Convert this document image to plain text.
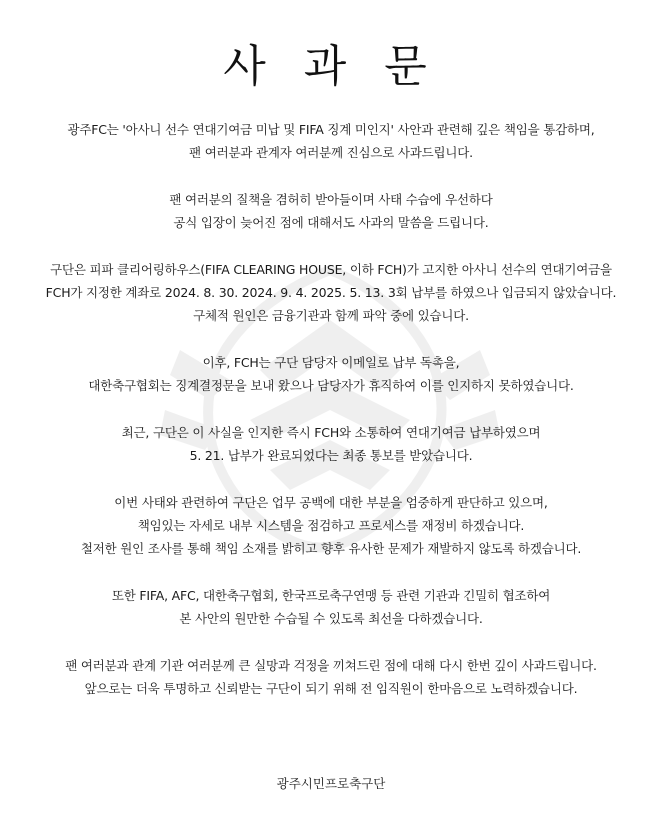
사 과 문

광주FC는 '아사니 선수 연대기여금 미납 및 FIFA 징계 미인지' 사안과 관련해 깊은 책임을 통감하며,
팬 여러분과 관계자 여러분께 진심으로 사과드립니다.

팬 여러분의 질책을 겸허히 받아들이며 사태 수습에 우선하다
공식 입장이 늦어진 점에 대해서도 사과의 말씀을 드립니다.

구단은 피파 클리어링하우스(FIFA CLEARING HOUSE, 이하 FCH)가 고지한 아사니 선수의 연대기여금을
FCH가 지정한 계좌로 2024. 8. 30. 2024. 9. 4. 2025. 5. 13. 3회 납부를 하였으나 입금되지 않았습니다.
구체적 원인은 금융기관과 함께 파악 중에 있습니다.

이후, FCH는 구단 담당자 이메일로 납부 독촉을,
대한축구협회는 징계결정문을 보내 왔으나 담당자가 휴직하여 이를 인지하지 못하였습니다.

최근, 구단은 이 사실을 인지한 즉시 FCH와 소통하여 연대기여금 납부하였으며
5. 21. 납부가 완료되었다는 최종 통보를 받았습니다.

이번 사태와 관련하여 구단은 업무 공백에 대한 부분을 엄중하게 판단하고 있으며,
책임있는 자세로 내부 시스템을 점검하고 프로세스를 재정비 하겠습니다.
철저한 원인 조사를 통해 책임 소재를 밝히고 향후 유사한 문제가 재발하지 않도록 하겠습니다.

또한 FIFA, AFC, 대한축구협회, 한국프로축구연맹 등 관련 기관과 긴밀히 협조하여
본 사안의 원만한 수습될 수 있도록 최선을 다하겠습니다.

팬 여러분과 관계 기관 여러분께 큰 실망과 걱정을 끼쳐드린 점에 대해 다시 한번 깊이 사과드립니다.
앞으로는 더욱 투명하고 신뢰받는 구단이 되기 위해 전 임직원이 한마음으로 노력하겠습니다.

광주시민프로축구단
